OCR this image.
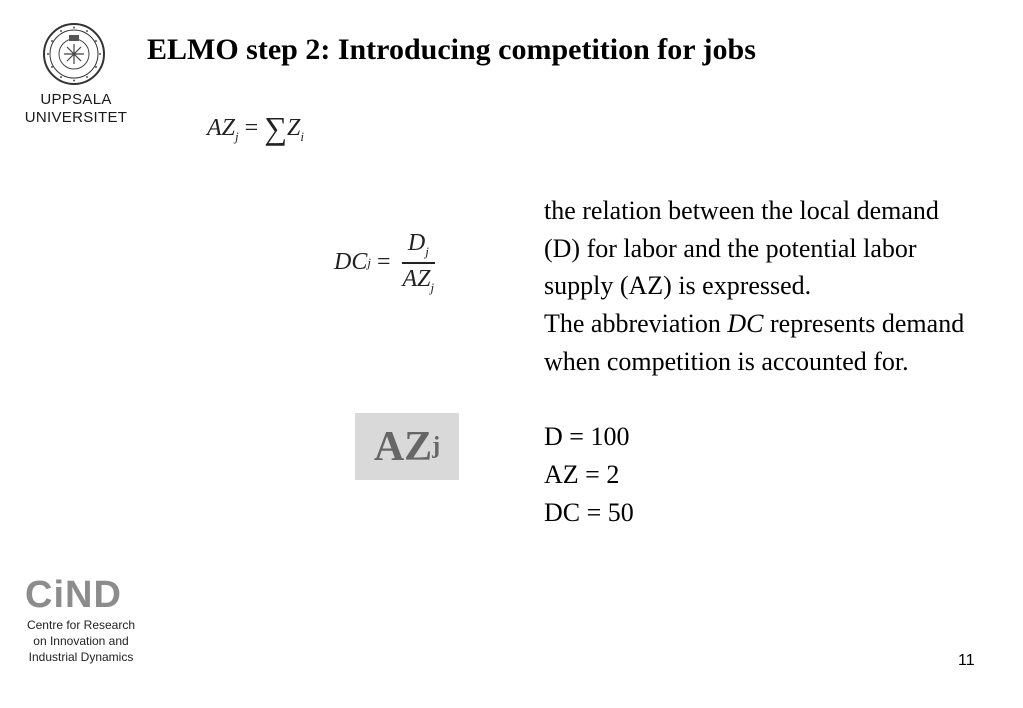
UPPSALA UNIVERSITET
ELMO step 2: Introducing competition for jobs
$AZ_j = \sum Z_i$
DC $j = \frac{D_j}{AZ_j}$
AZ j

the relation between the local demand (D) for labor and the potential labor supply (AZ) is expressed.

The abbreviation DC represents demand when competition is accounted for.

D = 100

AZ = 2

DC = 50

CiND
Centre for Research
on Innovation and
Industrial Dynamics	11
